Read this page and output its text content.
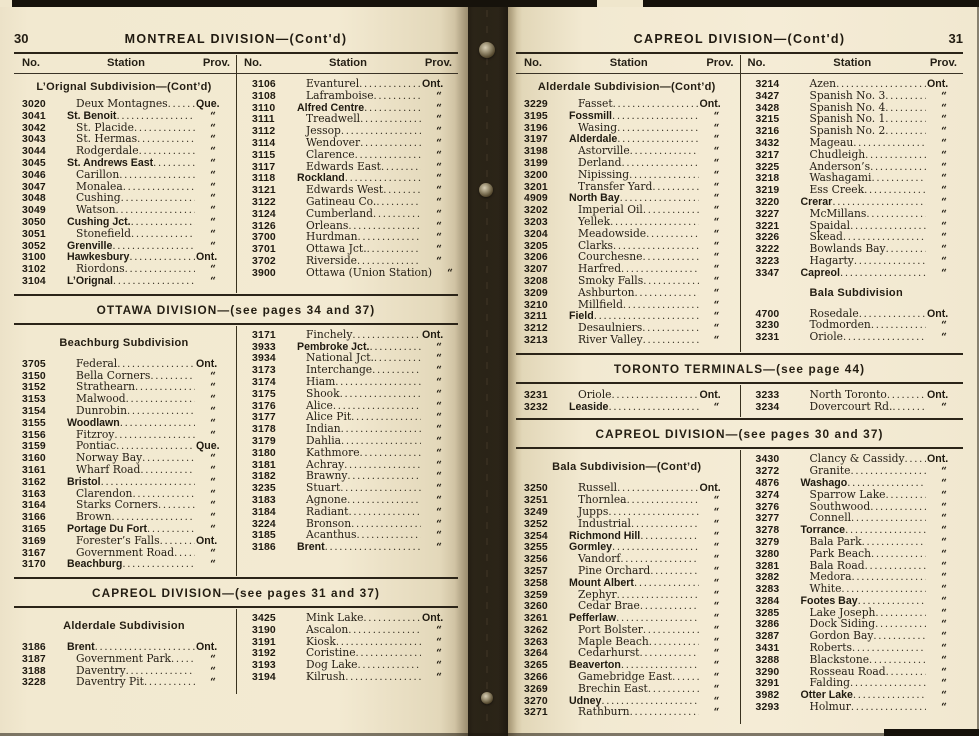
30	MONTREAL DIVISION—(Cont'd)
No.	Station	Prov.	No.	Station	Prov.
L’Orignal Subdivision—(Cont’d)
3020	Deux Montagnes .....	Que.
3041	St. Benoit .....	“
3042	St. Placide .....	“
3043	St. Hermas .....	“
3044	Rodgerdale .....	“
3045	St. Andrews East .....	“
3046	Carillon .....	“
3047	Monalea .....	“
3048	Cushing .....	“
3049	Watson .....	“
3050	Cushing Jct. .....	“
3051	Stonefield .....	“
3052	Grenville .....	“
3100	Hawkesbury .....	Ont.
3102	Riordons .....	“
3104	L’Orignal .....	“
3106	Evanturel .....	Ont.
3108	Laframboise .....	“
3110	Alfred Centre .....	“
3111	Treadwell .....	“
3112	Jessop .....	“
3114	Wendover .....	“
3115	Clarence .....	“
3117	Edwards East .....	“
3118	Rockland .....	“
3121	Edwards West .....	“
3122	Gatineau Co. .....	“
3124	Cumberland .....	“
3126	Orleans .....	“
3700	Hurdman .....	“
3701	Ottawa Jct. .....	“
3702	Riverside .....	“
3900	Ottawa (Union Station)	“
OTTAWA DIVISION—(see pages 34 and 37)
Beachburg Subdivision
3705	Federal .....	Ont.
3150	Bella Corners .....	“
3152	Strathearn .....	“
3153	Malwood .....	“
3154	Dunrobin .....	“
3155	Woodlawn .....	“
3156	Fitzroy .....	“
3159	Pontiac .....	Que.
3160	Norway Bay .....	“
3161	Wharf Road .....	“
3162	Bristol .....	“
3163	Clarendon .....	“
3164	Starks Corners .....	“
3166	Brown .....	“
3165	Portage Du Fort .....	“
3169	Forester’s Falls .....	Ont.
3167	Government Road .....	“
3170	Beachburg .....	“
3171	Finchely .....	Ont.
3933	Pembroke Jct. .....	“
3934	National Jct. .....	“
3173	Interchange .....	“
3174	Hiam .....	“
3175	Shook .....	“
3176	Alice .....	“
3177	Alice Pit .....	“
3178	Indian .....	“
3179	Dahlia .....	“
3180	Kathmore .....	“
3181	Achray .....	“
3182	Brawny .....	“
3235	Stuart .....	“
3183	Agnone .....	“
3184	Radiant .....	“
3224	Bronson .....	“
3185	Acanthus .....	“
3186	Brent .....	“
CAPREOL DIVISION—(see pages 31 and 37)
Alderdale Subdivision
3186	Brent .....	Ont.
3187	Government Park .....	“
3188	Daventry .....	“
3228	Daventry Pit .....	“
3425	Mink Lake .....	Ont.
3190	Ascalon .....	“
3191	Kiosk .....	“
3192	Coristine .....	“
3193	Dog Lake .....	“
3194	Kilrush .....	“
CAPREOL DIVISION—(Cont'd)	31
No.	Station	Prov.	No.	Station	Prov.
Alderdale Subdivision—(Cont’d)
3229	Fasset .....	Ont.
3195	Fossmill .....	“
3196	Wasing .....	“
3197	Alderdale .....	“
3198	Astorville .....	“
3199	Derland .....	“
3200	Nipissing .....	“
3201	Transfer Yard .....	“
4909	North Bay .....	“
3202	Imperial Oil .....	“
3203	Yellek .....	“
3204	Meadowside .....	“
3205	Clarks .....	“
3206	Courchesne .....	“
3207	Harfred .....	“
3208	Smoky Falls .....	“
3209	Ashburton .....	“
3210	Millfield .....	“
3211	Field .....	“
3212	Desaulniers .....	“
3213	River Valley .....	“
3214	Azen .....	Ont.
3427	Spanish No. 3 .....	“
3428	Spanish No. 4 .....	“
3215	Spanish No. 1 .....	“
3216	Spanish No. 2 .....	“
3432	Mageau .....	“
3217	Chudleigh .....	“
3225	Anderson’s .....	“
3218	Washagami .....	“
3219	Ess Creek .....	“
3220	Crerar .....	“
3227	McMillans .....	“
3221	Spaidal .....	“
3226	Skead .....	“
3222	Bowlands Bay .....	“
3223	Hagarty .....	“
3347	Capreol .....	“
Bala Subdivision
4700	Rosedale .....	Ont.
3230	Todmorden .....	“
3231	Oriole .....	“
TORONTO TERMINALS—(see page 44)
3231	Oriole .....	Ont.
3232	Leaside .....	“
3233	North Toronto .....	Ont.
3234	Dovercourt Rd. .....	“
CAPREOL DIVISION—(see pages 30 and 37)
Bala Subdivision—(Cont’d)
3250	Russell .....	Ont.
3251	Thornlea .....	“
3249	Jupps .....	“
3252	Industrial .....	“
3254	Richmond Hill .....	“
3255	Gormley .....	“
3256	Vandorf .....	“
3257	Pine Orchard .....	“
3258	Mount Albert .....	“
3259	Zephyr .....	“
3260	Cedar Brae .....	“
3261	Pefferlaw .....	“
3262	Port Bolster .....	“
3263	Maple Beach .....	“
3264	Cedarhurst .....	“
3265	Beaverton .....	“
3266	Gamebridge East .....	“
3269	Brechin East .....	“
3270	Udney .....	“
3271	Rathburn .....	“
3430	Clancy & Cassidy ..... Ont.
3272	Granite .....	“
4876	Washago .....	“
3274	Sparrow Lake .....	“
3276	Southwood .....	“
3277	Connell .....	“
3278	Torrance .....	“
3279	Bala Park .....	“
3280	Park Beach .....	“
3281	Bala Road .....	“
3282	Medora .....	“
3283	White .....	“
3284	Footes Bay .....	“
3285	Lake Joseph .....	“
3286	Dock Siding .....	“
3287	Gordon Bay .....	“
3431	Roberts .....	“
3288	Blackstone .....	“
3290	Rosseau Road .....	“
3291	Falding .....	“
3982	Otter Lake .....	“
3293	Holmur .....	“
